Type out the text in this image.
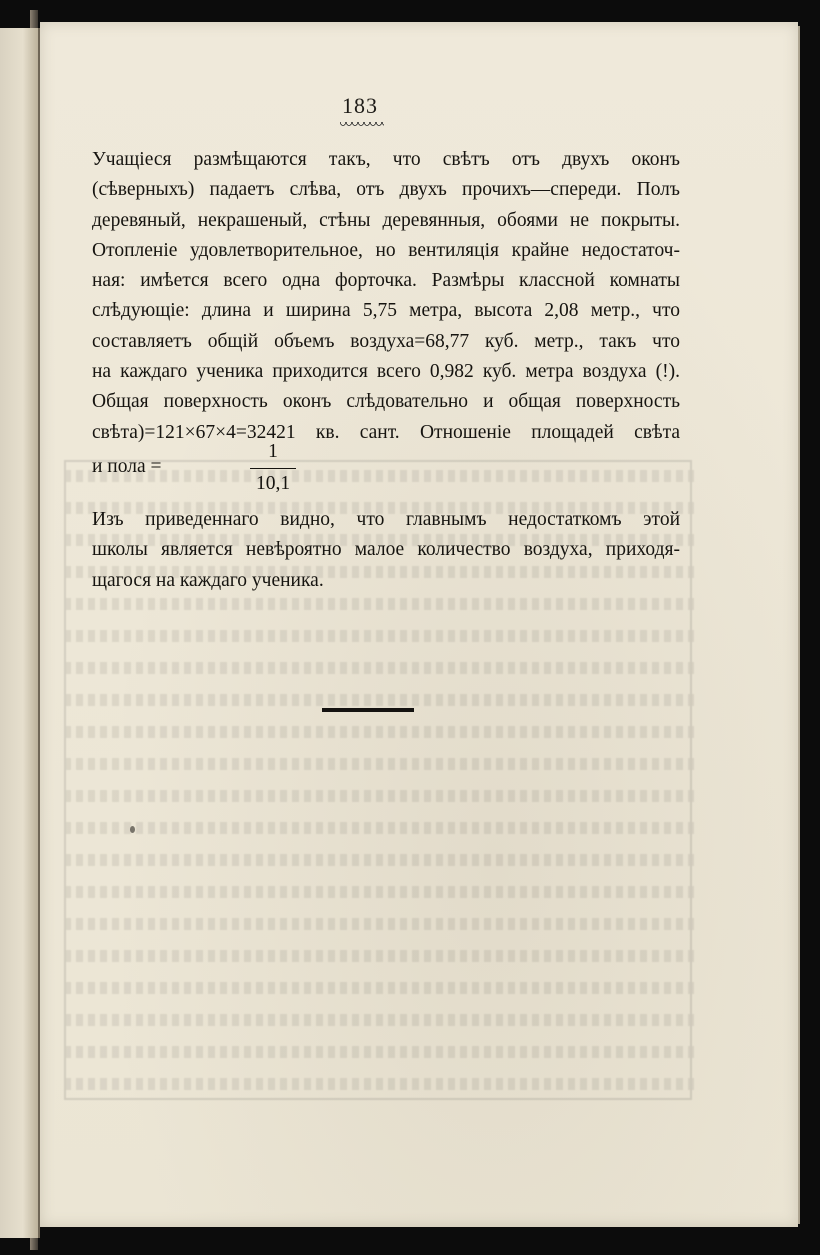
183
Учащіеся размѣщаются такъ, что свѣтъ отъ двухъ оконъ
(сѣверныхъ) падаетъ слѣва, отъ двухъ прочихъ—спереди. Полъ
деревяный, некрашеный, стѣны деревянныя, обоями не покрыты.
Отопленіе удовлетворительное, но вентиляція крайне недостаточ-
ная: имѣется всего одна форточка. Размѣры классной комнаты
слѣдующіе: длина и ширина 5,75 метра, высота 2,08 метр., что
составляетъ общій объемъ воздуха=68,77 куб. метр., такъ что
на каждаго ученика приходится всего 0,982 куб. метра воздуха (!).
Общая поверхность оконъ слѣдовательно и общая поверхность
свѣта)=121×67×4=32421 кв. сант. Отношеніе площадей свѣта
и пола =
1
10,1
Изъ приведеннаго видно, что главнымъ недостаткомъ этой
школы является невѣроятно малое количество воздуха, приходя-
щагося на каждаго ученика.
